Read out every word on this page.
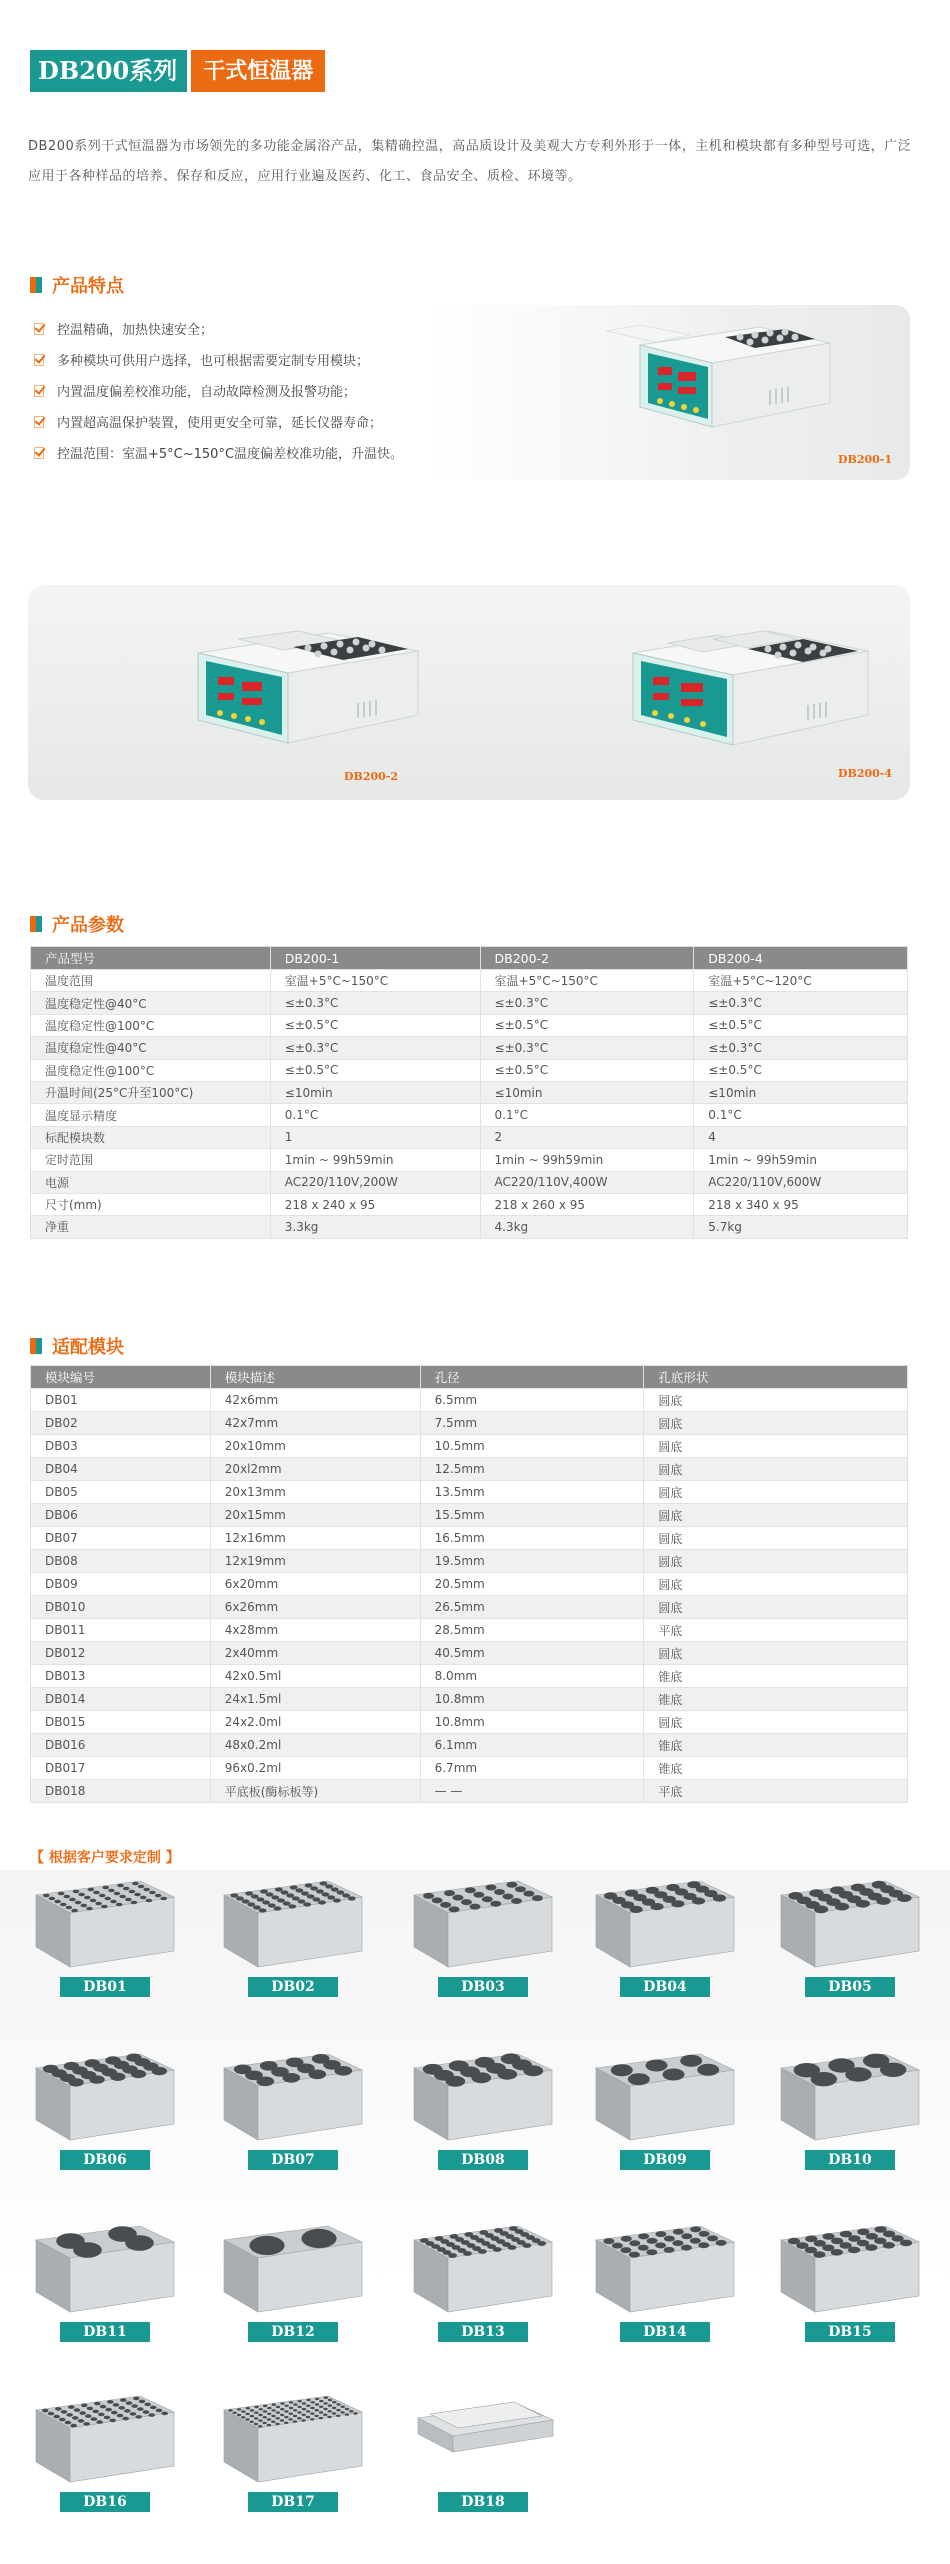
DB200系列	干式恒温器

DB200系列干式恒温器为市场领先的多功能金属浴产品，集精确控温，高品质设计及美观大方专利外形于一体，主机和模块都有多种型号可选，广泛应用于各种样品的培养、保存和反应，应用行业遍及医药、化工、食品安全、质检、环境等。

产品特点
控温精确，加热快速安全；
多种模块可供用户选择，也可根据需要定制专用模块；
内置温度偏差校准功能，自动故障检测及报警功能；
内置超高温保护装置，使用更安全可靠，延长仪器寿命；
控温范围：室温+5°C~150°C温度偏差校准功能，升温快。	DB200-1
DB200-2	DB200-4
产品参数
产品型号	DB200-1	DB200-2	DB200-4
温度范围	室温+5°C~150°C	室温+5°C~150°C	室温+5°C~120°C
温度稳定性@40°C	≤±0.3°C	≤±0.3°C	≤±0.3°C
温度稳定性@100°C	≤±0.5°C	≤±0.5°C	≤±0.5°C
温度稳定性@40°C	≤±0.3°C	≤±0.3°C	≤±0.3°C
温度稳定性@100°C	≤±0.5°C	≤±0.5°C	≤±0.5°C
升温时间(25°C升至100°C)	≤10min	≤10min	≤10min
温度显示精度	0.1°C	0.1°C	0.1°C
标配模块数	1	2	4
定时范围	1min ~ 99h59min	1min ~ 99h59min	1min ~ 99h59min
电源	AC220/110V,200W	AC220/110V,400W	AC220/110V,600W
尺寸(mm)	218 x 240 x 95	218 x 260 x 95	218 x 340 x 95
净重	3.3kg	4.3kg	5.7kg
适配模块
模块编号	模块描述	孔径	孔底形状
DB01	42x6mm	6.5mm	圆底
DB02	42x7mm	7.5mm	圆底
DB03	20x10mm	10.5mm	圆底
DB04	20xl2mm	12.5mm	圆底
DB05	20x13mm	13.5mm	圆底
DB06	20x15mm	15.5mm	圆底
DB07	12x16mm	16.5mm	圆底
DB08	12x19mm	19.5mm	圆底
DB09	6x20mm	20.5mm	圆底
DB010	6x26mm	26.5mm	圆底
DB011	4x28mm	28.5mm	平底
DB012	2x40mm	40.5mm	圆底
DB013	42x0.5ml	8.0mm	锥底
DB014	24x1.5ml	10.8mm	锥底
DB015	24x2.0ml	10.8mm	圆底
DB016	48x0.2ml	6.1mm	锥底
DB017	96x0.2ml	6.7mm	锥底
DB018	平底板(酶标板等)	— —	平底
DB01	DB02	DB03	DB04	DB05
DB06	DB07	DB08	DB09	DB10
DB11	DB12	DB13	DB14	DB15
DB16	DB17	DB18
【 根据客户要求定制 】
